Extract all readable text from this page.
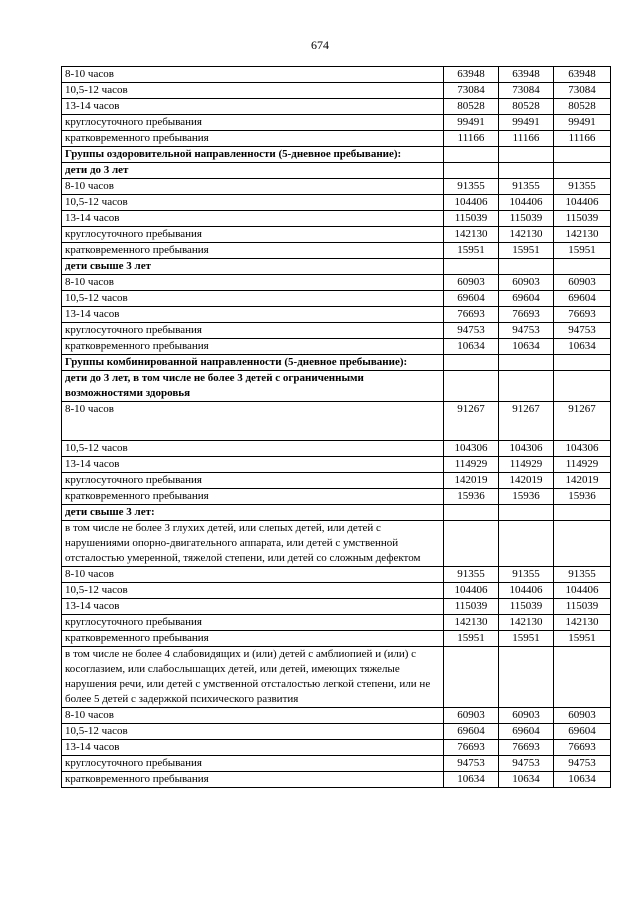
674
8-10 часов	63948	63948	63948
10,5-12 часов	73084	73084	73084
13-14 часов	80528	80528	80528
круглосуточного пребывания	99491	99491	99491
кратковременного пребывания	11166	11166	11166
Группы оздоровительной направленности (5-дневное пребывание):			
дети до 3 лет			
8-10 часов	91355	91355	91355
10,5-12 часов	104406	104406	104406
13-14 часов	115039	115039	115039
круглосуточного пребывания	142130	142130	142130
кратковременного пребывания	15951	15951	15951
дети свыше 3 лет			
8-10 часов	60903	60903	60903
10,5-12 часов	69604	69604	69604
13-14 часов	76693	76693	76693
круглосуточного пребывания	94753	94753	94753
кратковременного пребывания	10634	10634	10634
Группы комбинированной направленности (5-дневное пребывание):			
дети до 3 лет, в том числе не более 3 детей с ограниченными возможностями здоровья			
8-10 часов	91267	91267	91267
10,5-12 часов	104306	104306	104306
13-14 часов	114929	114929	114929
круглосуточного пребывания	142019	142019	142019
кратковременного пребывания	15936	15936	15936
дети свыше 3 лет:			
в том числе не более 3 глухих детей, или слепых детей, или детей с нарушениями опорно-двигательного аппарата, или детей с умственной отсталостью умеренной, тяжелой степени, или детей со сложным дефектом			
8-10 часов	91355	91355	91355
10,5-12 часов	104406	104406	104406
13-14 часов	115039	115039	115039
круглосуточного пребывания	142130	142130	142130
кратковременного пребывания	15951	15951	15951
в том числе не более 4 слабовидящих и (или) детей с амблиопией и (или) с косоглазием, или слабослышащих детей, или детей, имеющих тяжелые нарушения речи, или детей с умственной отсталостью легкой степени, или не более 5 детей с задержкой психического развития			
8-10 часов	60903	60903	60903
10,5-12 часов	69604	69604	69604
13-14 часов	76693	76693	76693
круглосуточного пребывания	94753	94753	94753
кратковременного пребывания	10634	10634	10634
